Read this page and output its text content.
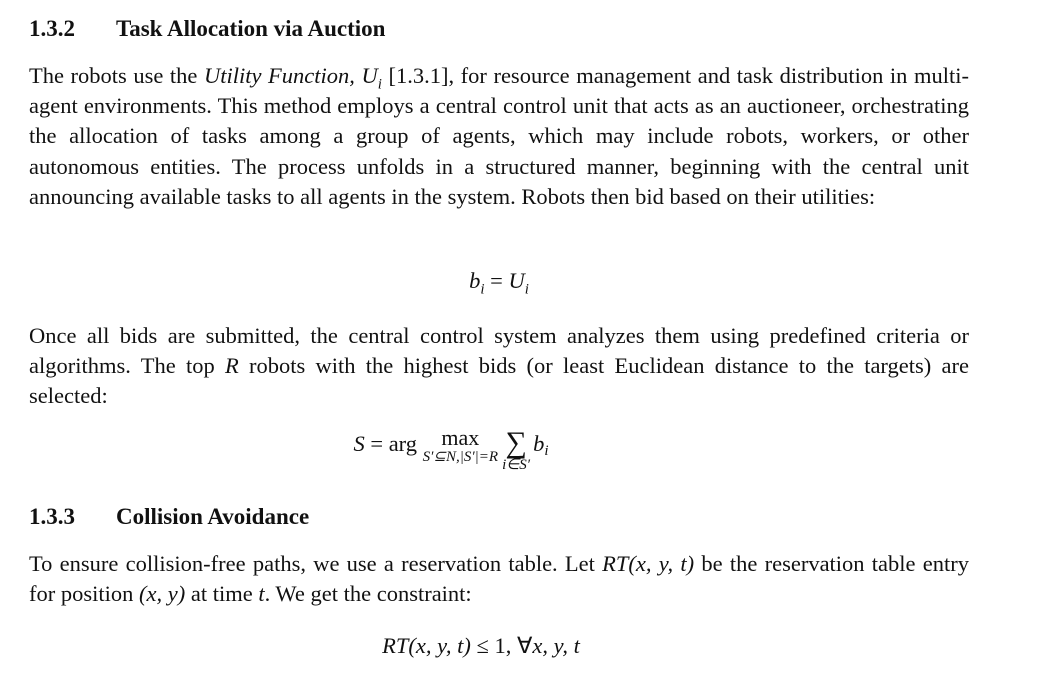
1.3.2 Task Allocation via Auction
The robots use the Utility Function, $U_i$ [1.3.1], for resource management and task distribution in multi-agent environments. This method employs a central control unit that acts as an auctioneer, orchestrating the allocation of tasks among a group of agents, which may include robots, workers, or other autonomous entities. The process unfolds in a structured manner, beginning with the central unit announcing available tasks to all agents in the system. Robots then bid based on their utilities:
$b_i = U_i$
Once all bids are submitted, the central control system analyzes them using predefined criteria or algorithms. The top R robots with the highest bids (or least Euclidean distance to the targets) are selected:
S = arg max
S′⊆N,|S′|=R ∑
i∈S′
$b_i$
1.3.3 Collision Avoidance
To ensure collision-free paths, we use a reservation table. Let RT(x, y, t) be the reservation table entry for position (x, y) at time t. We get the constraint:
RT(x, y, t) ≤ 1, ∀x, y, t
